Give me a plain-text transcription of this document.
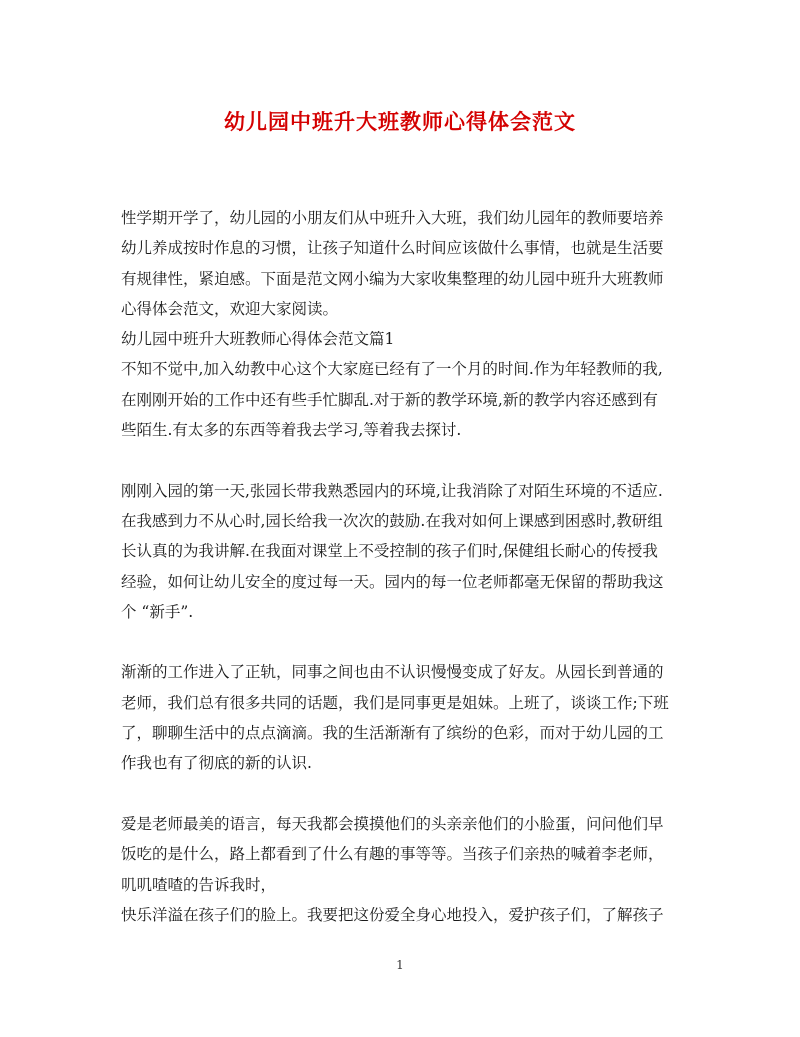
幼儿园中班升大班教师心得体会范文
性学期开学了，幼儿园的小朋友们从中班升入大班，我们幼儿园年的教师要培养
幼儿养成按时作息的习惯，让孩子知道什么时间应该做什么事情，也就是生活要
有规律性，紧迫感。下面是范文网小编为大家收集整理的幼儿园中班升大班教师
心得体会范文，欢迎大家阅读。
幼儿园中班升大班教师心得体会范文篇1
不知不觉中,加入幼教中心这个大家庭已经有了一个月的时间.作为年轻教师的我,
在刚刚开始的工作中还有些手忙脚乱.对于新的教学环境,新的教学内容还感到有
些陌生.有太多的东西等着我去学习,等着我去探讨.
刚刚入园的第一天,张园长带我熟悉园内的环境,让我消除了对陌生环境的不适应.
在我感到力不从心时,园长给我一次次的鼓励.在我对如何上课感到困惑时,教研组
长认真的为我讲解.在我面对课堂上不受控制的孩子们时,保健组长耐心的传授我
经验，如何让幼儿安全的度过每一天。园内的每一位老师都毫无保留的帮助我这
个 “新手”.
渐渐的工作进入了正轨，同事之间也由不认识慢慢变成了好友。从园长到普通的
老师，我们总有很多共同的话题，我们是同事更是姐妹。上班了，谈谈工作;下班
了，聊聊生活中的点点滴滴。我的生活渐渐有了缤纷的色彩，而对于幼儿园的工
作我也有了彻底的新的认识.
爱是老师最美的语言，每天我都会摸摸他们的头亲亲他们的小脸蛋，问问他们早
饭吃的是什么，路上都看到了什么有趣的事等等。当孩子们亲热的喊着李老师，
叽叽喳喳的告诉我时，
快乐洋溢在孩子们的脸上。我要把这份爱全身心地投入，爱护孩子们，了解孩子
1
